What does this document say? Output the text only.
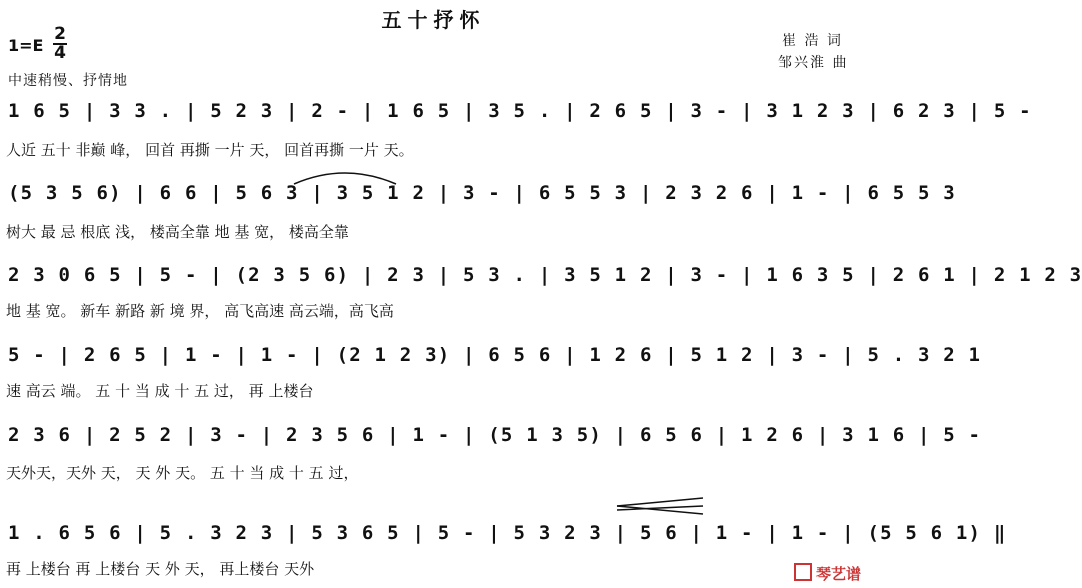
五十抒怀
1=E
2
4
崔 浩 词
邹兴淮 曲
中速稍慢、抒情地
1 6 5 | 3 3 . | 5 2 3 | 2 - | 1 6 5 | 3 5 . | 2 6 5 | 3 - | 3 1 2 3 | 6 2 3 | 5 -
人近 五十 非巅 峰， 回首 再撕 一片 天， 回首再撕 一片 天。
(5 3 5 6) | 6 6 | 5 6 3 | 3 5 1 2 | 3 - | 6 5 5 3 | 2 3 2 6 | 1 - | 6 5 5 3
树大 最 忌 根底 浅， 楼高全靠 地 基 宽， 楼高全靠
2 3 0 6 5 | 5 - | (2 3 5 6) | 2 3 | 5 3 . | 3 5 1 2 | 3 - | 1 6 3 5 | 2 6 1 | 2 1 2 3
地 基 宽。 新车 新路 新 境 界， 高飞高速 高云端，高飞高
5 - | 2 6 5 | 1 - | 1 - | (2 1 2 3) | 6 5 6 | 1 2 6 | 5 1 2 | 3 - | 5 . 3 2 1
速 高云 端。 五 十 当 成 十 五 过， 再 上楼台
2 3 6 | 2 5 2 | 3 - | 2 3 5 6 | 1 - | (5 1 3 5) | 6 5 6 | 1 2 6 | 3 1 6 | 5 -
天外天，天外 天， 天 外 天。 五 十 当 成 十 五 过，
1 . 6 5 6 | 5 . 3 2 3 | 5 3 6 5 | 5 - | 5 3 2 3 | 5 6 | 1 - | 1 - | (5 5 6 1) ‖
再 上楼台 再 上楼台 天 外 天， 再上楼台 天外	琴艺谱
